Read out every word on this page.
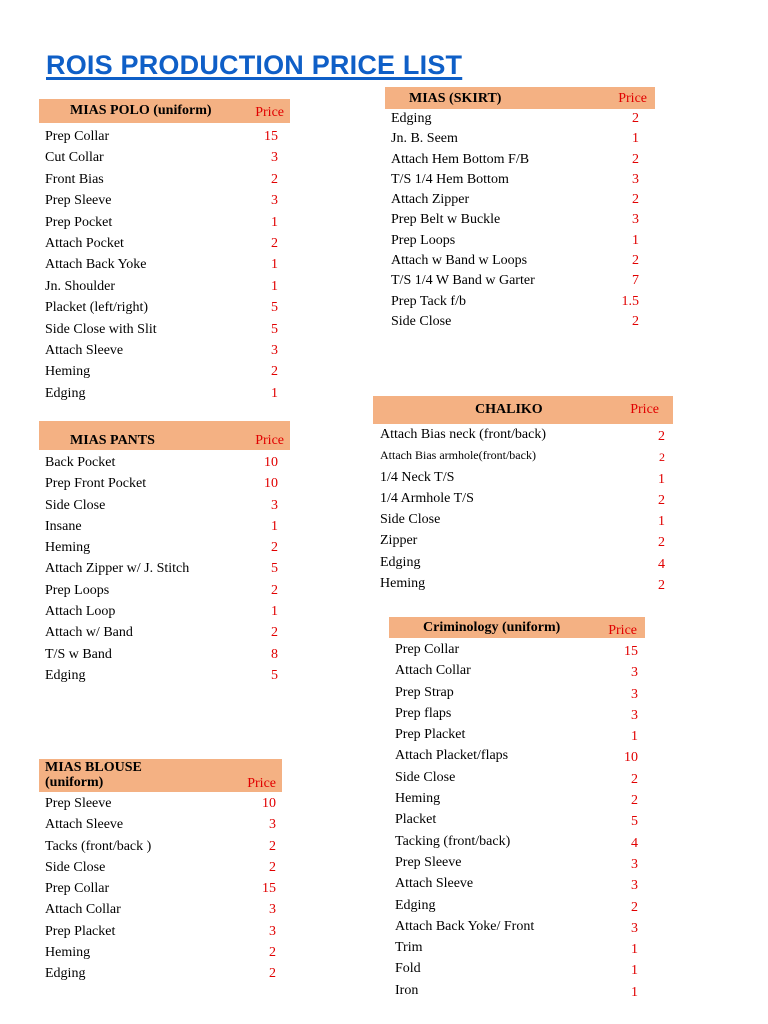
ROIS PRODUCTION PRICE LIST
MIAS POLO (uniform)	Price
Prep Collar	15
Cut Collar	3
Front Bias	2
Prep Sleeve	3
Prep Pocket	1
Attach Pocket	2
Attach Back Yoke	1
Jn. Shoulder	1
Placket (left/right)	5
Side Close with Slit	5
Attach Sleeve	3
Heming	2
Edging	1
MIAS (SKIRT)	Price
Edging	2
Jn. B. Seem	1
Attach Hem Bottom F/B	2
T/S 1/4 Hem Bottom	3
Attach Zipper	2
Prep Belt w Buckle	3
Prep Loops	1
Attach w Band w Loops	2
T/S 1/4 W Band w Garter	7
Prep Tack f/b	1.5
Side Close	2
MIAS PANTS	Price
Back Pocket	10
Prep Front Pocket	10
Side Close	3
Insane	1
Heming	2
Attach Zipper w/ J. Stitch	5
Prep Loops	2
Attach Loop	1
Attach w/ Band	2
T/S w Band	8
Edging	5
CHALIKO	Price
Attach Bias neck (front/back)	2
Attach Bias armhole(front/back)	2
1/4 Neck T/S	1
1/4 Armhole T/S	2
Side Close	1
Zipper	2
Edging	4
Heming	2
MIAS BLOUSE (uniform)	Price
Prep Sleeve	10
Attach Sleeve	3
Tacks (front/back )	2
Side Close	2
Prep Collar	15
Attach Collar	3
Prep Placket	3
Heming	2
Edging	2
Criminology (uniform)	Price
Prep Collar	15
Attach Collar	3
Prep Strap	3
Prep flaps	3
Prep Placket	1
Attach Placket/flaps	10
Side Close	2
Heming	2
Placket	5
Tacking (front/back)	4
Prep Sleeve	3
Attach Sleeve	3
Edging	2
Attach Back Yoke/ Front	3
Trim	1
Fold	1
Iron	1
